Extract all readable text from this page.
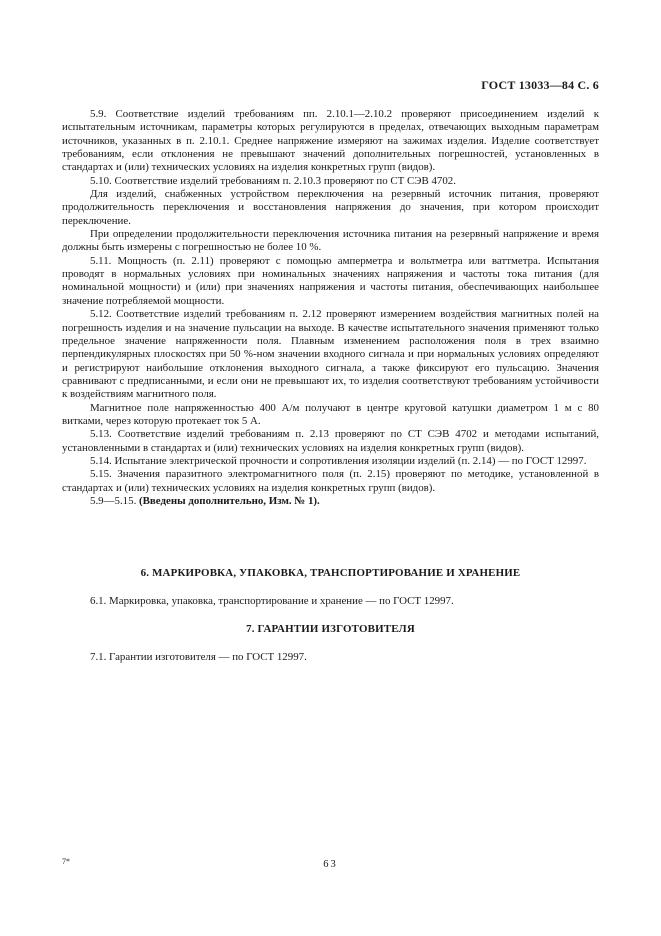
ГОСТ 13033—84 С. 6

5.9. Соответствие изделий требованиям пп. 2.10.1—2.10.2 проверяют присоединением изделий к испытательным источникам, параметры которых регулируются в пределах, отвечающих выходным параметрам источников, указанных в п. 2.10.1. Среднее напряжение измеряют на зажимах изделия. Изделие соответствует требованиям, если отклонения не превышают значений дополнительных погрешностей, установленных в стандартах и (или) технических условиях на изделия конкретных групп (видов).

5.10. Соответствие изделий требованиям п. 2.10.3 проверяют по СТ СЭВ 4702.

Для изделий, снабженных устройством переключения на резервный источник питания, проверяют продолжительность переключения и восстановления напряжения до значения, при котором происходит переключение.

При определении продолжительности переключения источника питания на резервный напряжение и время должны быть измерены с погрешностью не более 10 %.

5.11. Мощность (п. 2.11) проверяют с помощью амперметра и вольтметра или ваттметра. Испытания проводят в нормальных условиях при номинальных значениях напряжения и частоты тока питания (для номинальной мощности) и (или) при значениях напряжения и частоты питания, обеспечивающих наибольшее значение потребляемой мощности.

5.12. Соответствие изделий требованиям п. 2.12 проверяют измерением воздействия магнитных полей на погрешность изделия и на значение пульсации на выходе. В качестве испытательного значения применяют только предельное значение напряженности поля. Плавным изменением расположения поля в трех взаимно перпендикулярных плоскостях при 50 %-ном значении входного сигнала и при нормальных условиях определяют и регистрируют наибольшие отклонения выходного сигнала, а также фиксируют его пульсацию. Значения сравнивают с предписанными, и если они не превышают их, то изделия соответствуют требованиям устойчивости к воздействиям магнитного поля.

Магнитное поле напряженностью 400 А/м получают в центре круговой катушки диаметром 1 м с 80 витками, через которую протекает ток 5 А.

5.13. Соответствие изделий требованиям п. 2.13 проверяют по СТ СЭВ 4702 и методами испытаний, установленными в стандартах и (или) технических условиях на изделия конкретных групп (видов).

5.14. Испытание электрической прочности и сопротивления изоляции изделий (п. 2.14) — по ГОСТ 12997.

5.15. Значения паразитного электромагнитного поля (п. 2.15) проверяют по методике, установленной в стандартах и (или) технических условиях на изделия конкретных групп (видов).

5.9—5.15. (Введены дополнительно, Изм. № 1).

6. МАРКИРОВКА, УПАКОВКА, ТРАНСПОРТИРОВАНИЕ И ХРАНЕНИЕ
6.1. Маркировка, упаковка, транспортирование и хранение — по ГОСТ 12997.
7. ГАРАНТИИ ИЗГОТОВИТЕЛЯ
7.1. Гарантии изготовителя — по ГОСТ 12997.
7*	63
